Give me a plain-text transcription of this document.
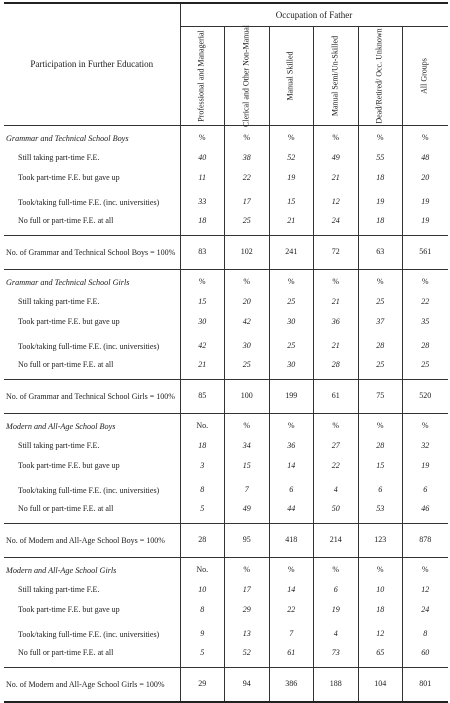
Participation in Further Education	Occupation of Father					

	Professional and Managerial	Clerical and Other Non-Manual	Manual Skilled	Manual Semi/Un-Skilled	Dead/Retired/ Occ. Unknown	All Groups

Grammar and Technical School Boys	%	%	%	%	%	%
Still taking part-time F.E.	40	38	52	49	55	48
Took part-time F.E. but gave up	11	22	19	21	18	20
Took/taking full-time F.E. (inc. universities)	33	17	15	12	19	19
No full or part-time F.E. at all	18	25	21	24	18	19

No. of Grammar and Technical School Boys = 100%	83	102	241	72	63	561
Grammar and Technical School Girls	%	%	%	%	%	%
Still taking part-time F.E.	15	20	25	21	25	22
Took part-time F.E. but gave up	30	42	30	36	37	35
Took/taking full-time F.E. (inc. universities)	42	30	25	21	28	28
No full or part-time F.E. at all	21	25	30	28	25	25

No. of Grammar and Technical School Girls = 100%	85	100	199	61	75	520
Modern and All-Age School Boys	No.	%	%	%	%	%
Still taking part-time F.E.	18	34	36	27	28	32
Took part-time F.E. but gave up	3	15	14	22	15	19
Took/taking full-time F.E. (inc. universities)	8	7	6	4	6	6
No full or part-time F.E. at all	5	49	44	50	53	46

No. of Modern and All-Age School Boys = 100%	28	95	418	214	123	878
Modern and All-Age School Girls	No.	%	%	%	%	%
Still taking part-time F.E.	10	17	14	6	10	12
Took part-time F.E. but gave up	8	29	22	19	18	24
Took/taking full-time F.E. (inc. universities)	9	13	7	4	12	8
No full or part-time F.E. at all	5	52	61	73	65	60

No. of Modern and All-Age School Girls = 100%	29	94	386	188	104	801
